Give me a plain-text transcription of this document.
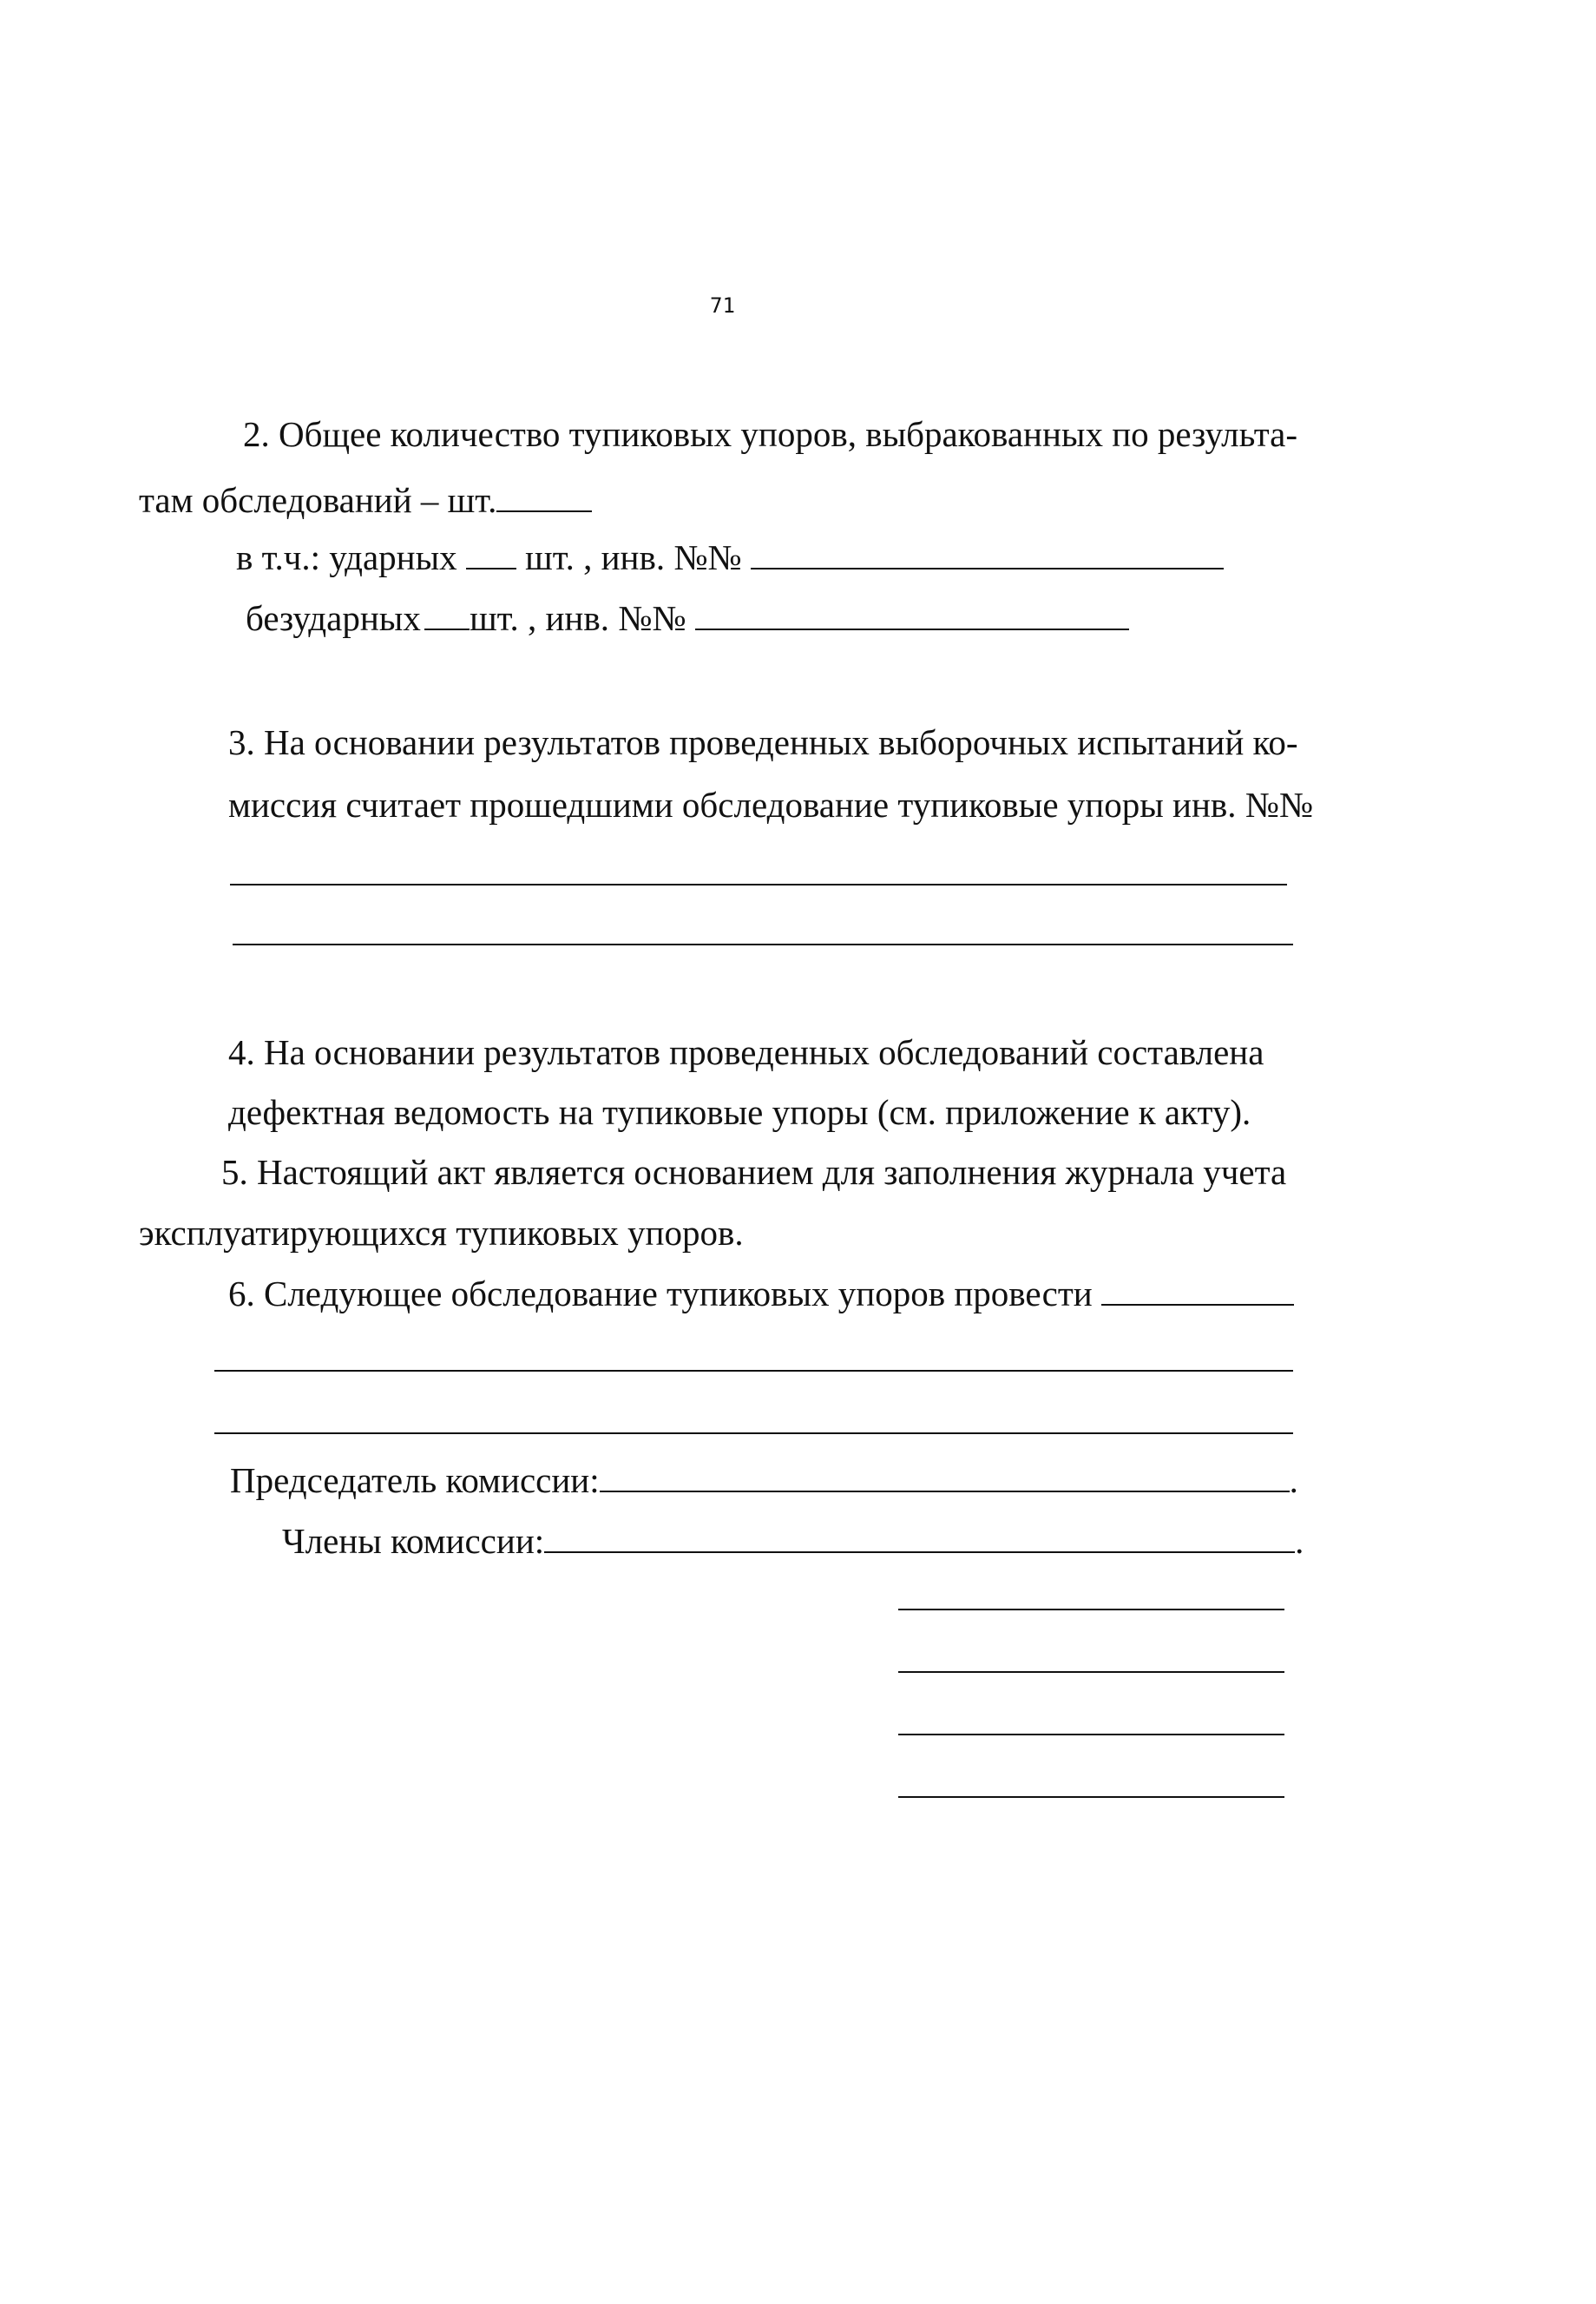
71
2. Общее количество тупиковых упоров, выбракованных по результа-
там обследований – шт.
в т.ч.: ударных шт. , инв. №№
безударных шт. , инв. №№
3. На основании результатов проведенных выборочных испытаний ко-
миссия считает прошедшими обследование тупиковые упоры инв. №№
4. На основании результатов проведенных обследований составлена
дефектная ведомость на тупиковые упоры (см. приложение к акту).
5. Настоящий акт является основанием для заполнения журнала учета
эксплуатирующихся тупиковых упоров.
6. Следующее обследование тупиковых упоров провести
Председатель комиссии:	.
Члены комиссии:	.
